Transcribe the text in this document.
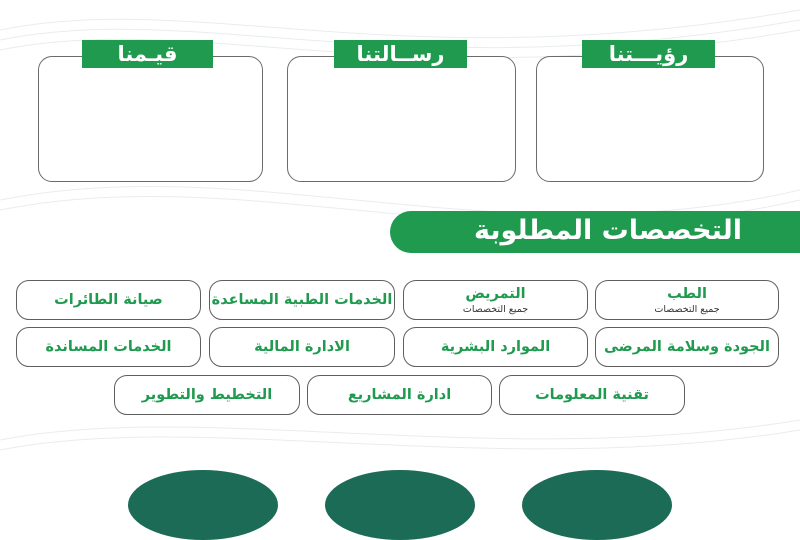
قيـمنا	رســالتنا	رؤيـــتنا
التخصصات المطلوبة
الطب
جميع التخصصات
التمريض
جميع التخصصات
الخدمات الطبية المساعدة
صيانة الطائرات
الجودة وسلامة المرضى
الموارد البشرية
الادارة المالية
الخدمات المساندة
تقنية المعلومات
ادارة المشاريع
التخطيط والتطوير
